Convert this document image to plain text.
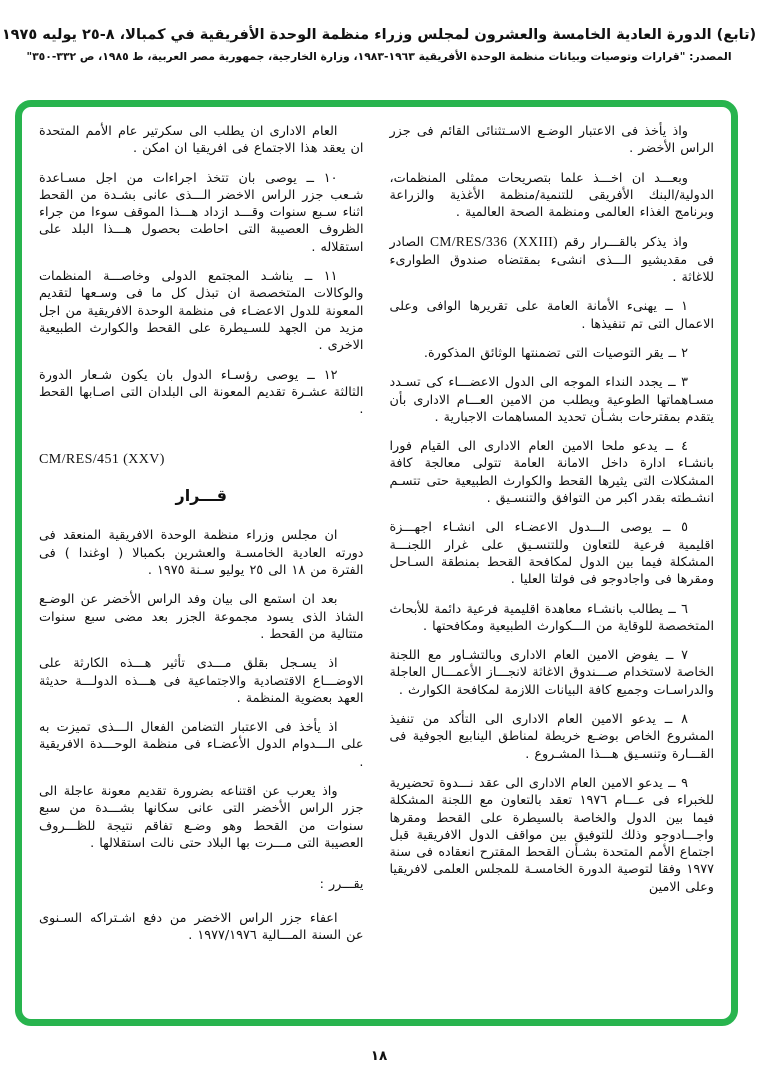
(تابع) الدورة العادية الخامسة والعشرون لمجلس وزراء منظمة الوحدة الأفريقية في كمبالا، ٨-٢٥ يوليه ١٩٧٥
المصدر: "قرارات وتوصيات وبيانات منظمة الوحدة الأفريقية ١٩٦٣-١٩٨٣، وزارة الخارجية، جمهورية مصر العربية، ط ١٩٨٥، ص ٣٣٢-٣٥٠"

واذ يأخذ فى الاعتبار الوضـع الاسـتثنائى القائم فى جزر الراس الأخضر .

وبعـــد ان اخـــذ علما بتصريحات ممثلى المنظمات، الدولية/البنك الأفريقى للتنمية/منظمة الأغذية والزراعة وبرنامج الغذاء العالمى ومنظمة الصحة العالمية .

واذ يذكر بالقـــرار رقم CM/RES/336 (XXIII) الصادر فى مقديشيو الـــذى انشىء بمقتضاه صندوق الطوارىء للاغاثة .

١ ــ يهنىء الأمانة العامة على تقريرها الوافى وعلى الاعمال التى تم تنفيذها .

٢ ــ يقر التوصيات التى تضمنتها الوثائق المذكورة.

٣ ــ يجدد النداء الموجه الى الدول الاعضـــاء كى تسـدد مسـاهماتها الطوعية ويطلب من الامين العـــام الادارى بأن يتقدم بمقترحات بشـأن تحديد المساهمات الاجبارية .

٤ ــ يدعو ملحا الامين العام الادارى الى القيام فورا بانشـاء ادارة داخل الامانة العامة تتولى معالجة كافة المشكلات التى يثيرها القحط والكوارث الطبيعية حتى تتسـم انشـطته بقدر اكبر من التوافق والتنسـيق .

٥ ــ يوصى الـــدول الاعضـاء الى انشـاء اجهـــزة اقليمية فرعية للتعاون وللتنسـيق على غرار اللجنـــة المشكلة فيما بين الدول لمكافحة القحط بمنطقة السـاحل ومقرها فى واجادوجو فى فولتا العليا .

٦ ــ يطالب بانشـاء معاهدة اقليمية فرعية دائمة للأبحاث المتخصصة للوقاية من الـــكوارث الطبيعية ومكافحتها .

٧ ــ يفوض الامين العام الادارى وبالتشـاور مع اللجنة الخاصة لاستخدام صـــندوق الاغاثة لانجـــاز الأعمـــال العاجلة والدراسـات وجميع كافة البيانات اللازمة لمكافحة الكوارث .

٨ ــ يدعو الامين العام الادارى الى التأكد من تنفيذ المشروع الخاص بوضـع خريطة لمناطق الينابيع الجوفية فى القـــارة وتنسـيق هـــذا المشـروع .

٩ ــ يدعو الامين العام الادارى الى عقد نـــدوة تحضيرية للخبراء فى عـــام ١٩٧٦ تعقد بالتعاون مع اللجنة المشكلة فيما بين الدول والخاصة بالسيطرة على القحط ومقرها واجـــادوجو وذلك للتوفيق بين مواقف الدول الافريقية قبل اجتماع الأمم المتحدة بشـأن القحط المقترح انعقاده فى سنة ١٩٧٧ وفقا لتوصية الدورة الخامسـة للمجلس العلمى لافريقيا وعلى الامين

العام الادارى ان يطلب الى سكرتير عام الأمم المتحدة ان يعقد هذا الاجتماع فى افريقيا ان امكن .

١٠ ــ يوصى بان تتخذ اجراءات من اجل مسـاعدة شـعب جزر الراس الاخضر الـــذى عانى بشـدة من القحط اثناء سـبع سنوات وقـــد ازداد هـــذا الموقف سوءا من جراء الظروف العصيبة التى احاطت بحصول هـــذا البلد على استقلاله .

١١ ــ يناشـد المجتمع الدولى وخاصـــة المنظمات والوكالات المتخصصة ان تبذل كل ما فى وسـعها لتقديم المعونة للدول الاعضـاء فى منظمة الوحدة الافريقية من اجل مزيد من الجهد للسـيطرة على القحط والكوارث الطبيعية الاخرى .

١٢ ــ يوصى رؤسـاء الدول بان يكون شـعار الدورة الثالثة عشـرة تقديم المعونة الى البلدان التى اصـابها القحط .

CM/RES/451 (XXV)
قـــرار

ان مجلس وزراء منظمة الوحدة الافريقية المنعقد فى دورته العادية الخامسـة والعشرين بكمبالا ( اوغندا ) فى الفترة من ١٨ الى ٢٥ يوليو سـنة ١٩٧٥ .

بعد ان استمع الى بيان وفد الراس الأخضر عن الوضـع الشاذ الذى يسود مجموعة الجزر بعد مضى سبع سنوات متتالية من القحط .

اذ يسـجل بقلق مـــدى تأثير هـــذه الكارثة على الاوضـــاع الاقتصادية والاجتماعية فى هـــذه الدولـــة حديثة العهد بعضوية المنظمة .

اذ يأخذ فى الاعتبار التضامن الفعال الـــذى تميزت به على الـــدوام الدول الأعضـاء فى منظمة الوحـــدة الافريقية .

واذ يعرب عن اقتناعه بضرورة تقديم معونة عاجلة الى جزر الراس الأخضر التى عانى سكانها بشـــدة من سبع سنوات من القحط وهو وضـع تفاقم نتيجة للظـــروف العصيبة التى مـــرت بها البلاد حتى نالت استقلالها .

يقـــرر :

اعفاء جزر الراس الاخضر من دفع اشـتراكه السـنوى عن السنة المـــالية ١٩٧٧/١٩٧٦ .

١٨
